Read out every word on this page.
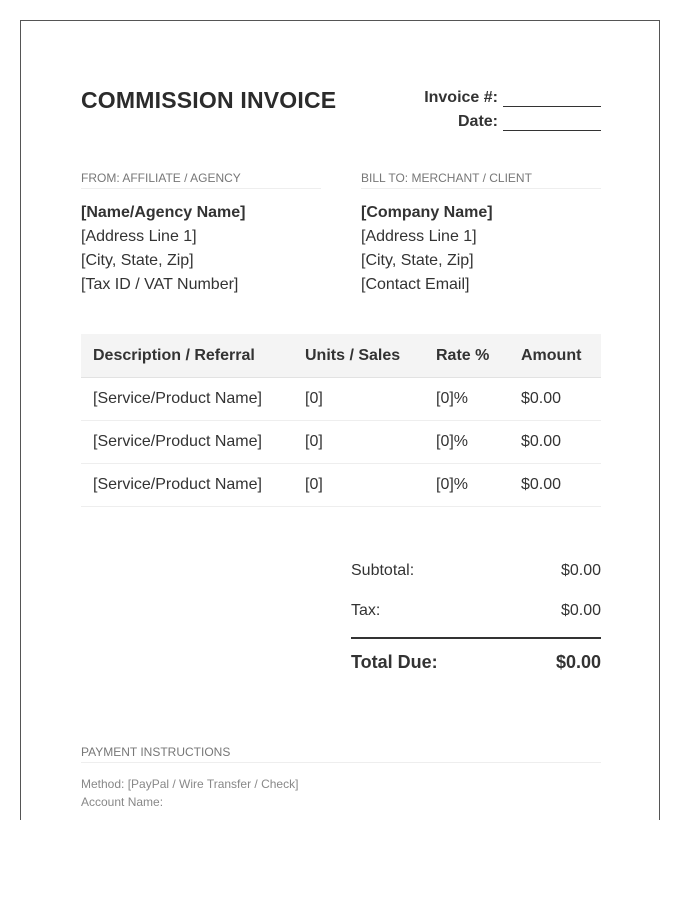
COMMISSION INVOICE	Invoice #:
Date:
FROM: AFFILIATE / AGENCY
[Name/Agency Name]
[Address Line 1]
[City, State, Zip]
[Tax ID / VAT Number]
BILL TO: MERCHANT / CLIENT
[Company Name]
[Address Line 1]
[City, State, Zip]
[Contact Email]
Description / Referral	Units / Sales	Rate %	Amount
[Service/Product Name]	[0]	[0]%	$0.00
[Service/Product Name]	[0]	[0]%	$0.00
[Service/Product Name]	[0]	[0]%	$0.00
Subtotal:	$0.00
Tax:	$0.00
Total Due:	$0.00
PAYMENT INSTRUCTIONS
Method: [PayPal / Wire Transfer / Check]
Account Name:
